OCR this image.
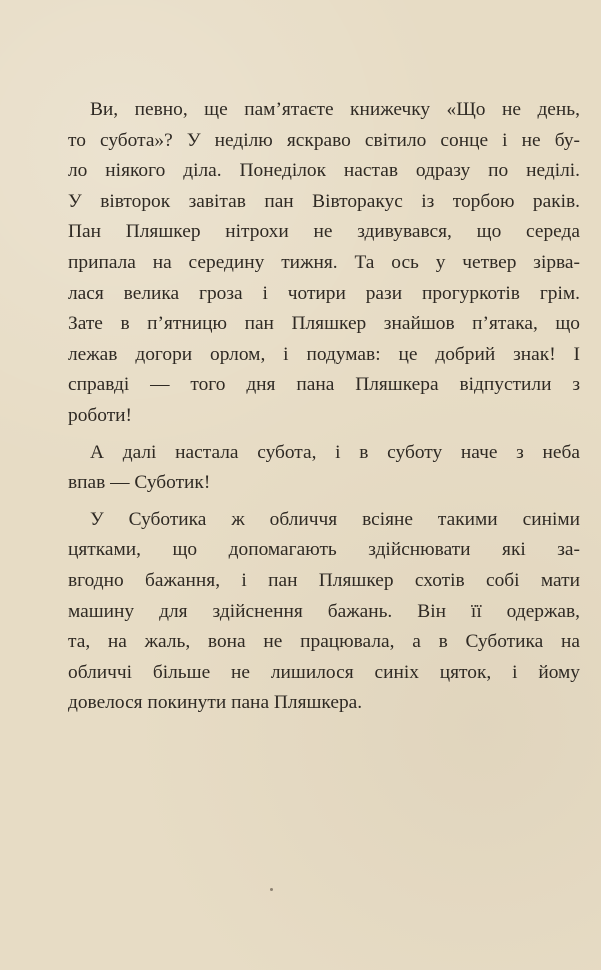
Ви, певно, ще пам’ятаєте книжечку «Що не день,
то субота»? У неділю яскраво світило сонце і не бу-
ло ніякого діла. Понеділок настав одразу по неділі.
У вівторок завітав пан Вівторакус із торбою раків.
Пан Пляшкер нітрохи не здивувався, що середа
припала на середину тижня. Та ось у четвер зірва-
лася велика гроза і чотири рази прогуркотів грім.
Зате в п’ятницю пан Пляшкер знайшов п’ятака, що
лежав догори орлом, і подумав: це добрий знак! І
справді — того дня пана Пляшкера відпустили з
роботи!
А далі настала субота, і в суботу наче з неба
впав — Суботик!
У Суботика ж обличчя всіяне такими синіми
цятками, що допомагають здійснювати які за-
вгодно бажання, і пан Пляшкер схотів собі мати
машину для здійснення бажань. Він її одержав,
та, на жаль, вона не працювала, а в Суботика на
обличчі більше не лишилося синіх цяток, і йому
довелося покинути пана Пляшкера.
